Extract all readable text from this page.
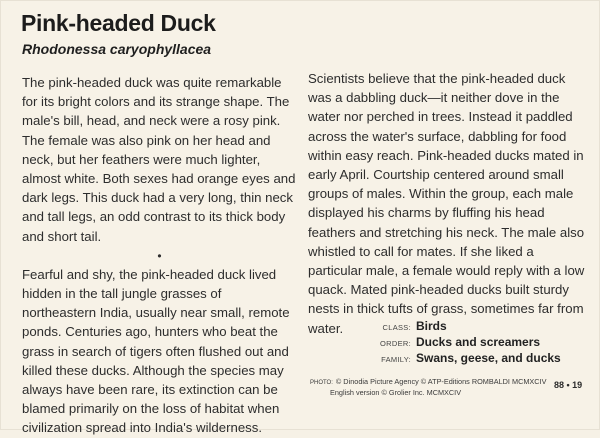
Pink-headed Duck
Rhodonessa caryophyllacea

The pink-headed duck was quite remarkable for its bright colors and its strange shape. The male's bill, head, and neck were a rosy pink. The female was also pink on her head and neck, but her feathers were much lighter, almost white. Both sexes had orange eyes and dark legs. This duck had a very long, thin neck and tall legs, an odd contrast to its thick body and short tail.

•

Fearful and shy, the pink-headed duck lived hidden in the tall jungle grasses of northeastern India, usually near small, remote ponds. Centuries ago, hunters who beat the grass in search of tigers often flushed out and killed these ducks. Although the species may always have been rare, its extinction can be blamed primarily on the loss of habitat when civilization spread into India's wilderness.

Scientists believe that the pink-headed duck was a dabbling duck—it neither dove in the water nor perched in trees. Instead it paddled across the water's surface, dabbling for food within easy reach. Pink-headed ducks mated in early April. Courtship centered around small groups of males. Within the group, each male displayed his charms by fluffing his head feathers and stretching his neck. The male also whistled to call for mates. If she liked a particular male, a female would reply with a low quack. Mated pink-headed ducks built sturdy nests in thick tufts of grass, sometimes far from water.	CLASS: Birds
ORDER: Ducks and screamers
FAMILY: Swans, geese, and ducks
PHOTO: © Dinodia Picture Agency © ATP-Editions ROMBALDI MCMXCIV
English version © Grolier Inc. MCMXCIV
88 • 19
